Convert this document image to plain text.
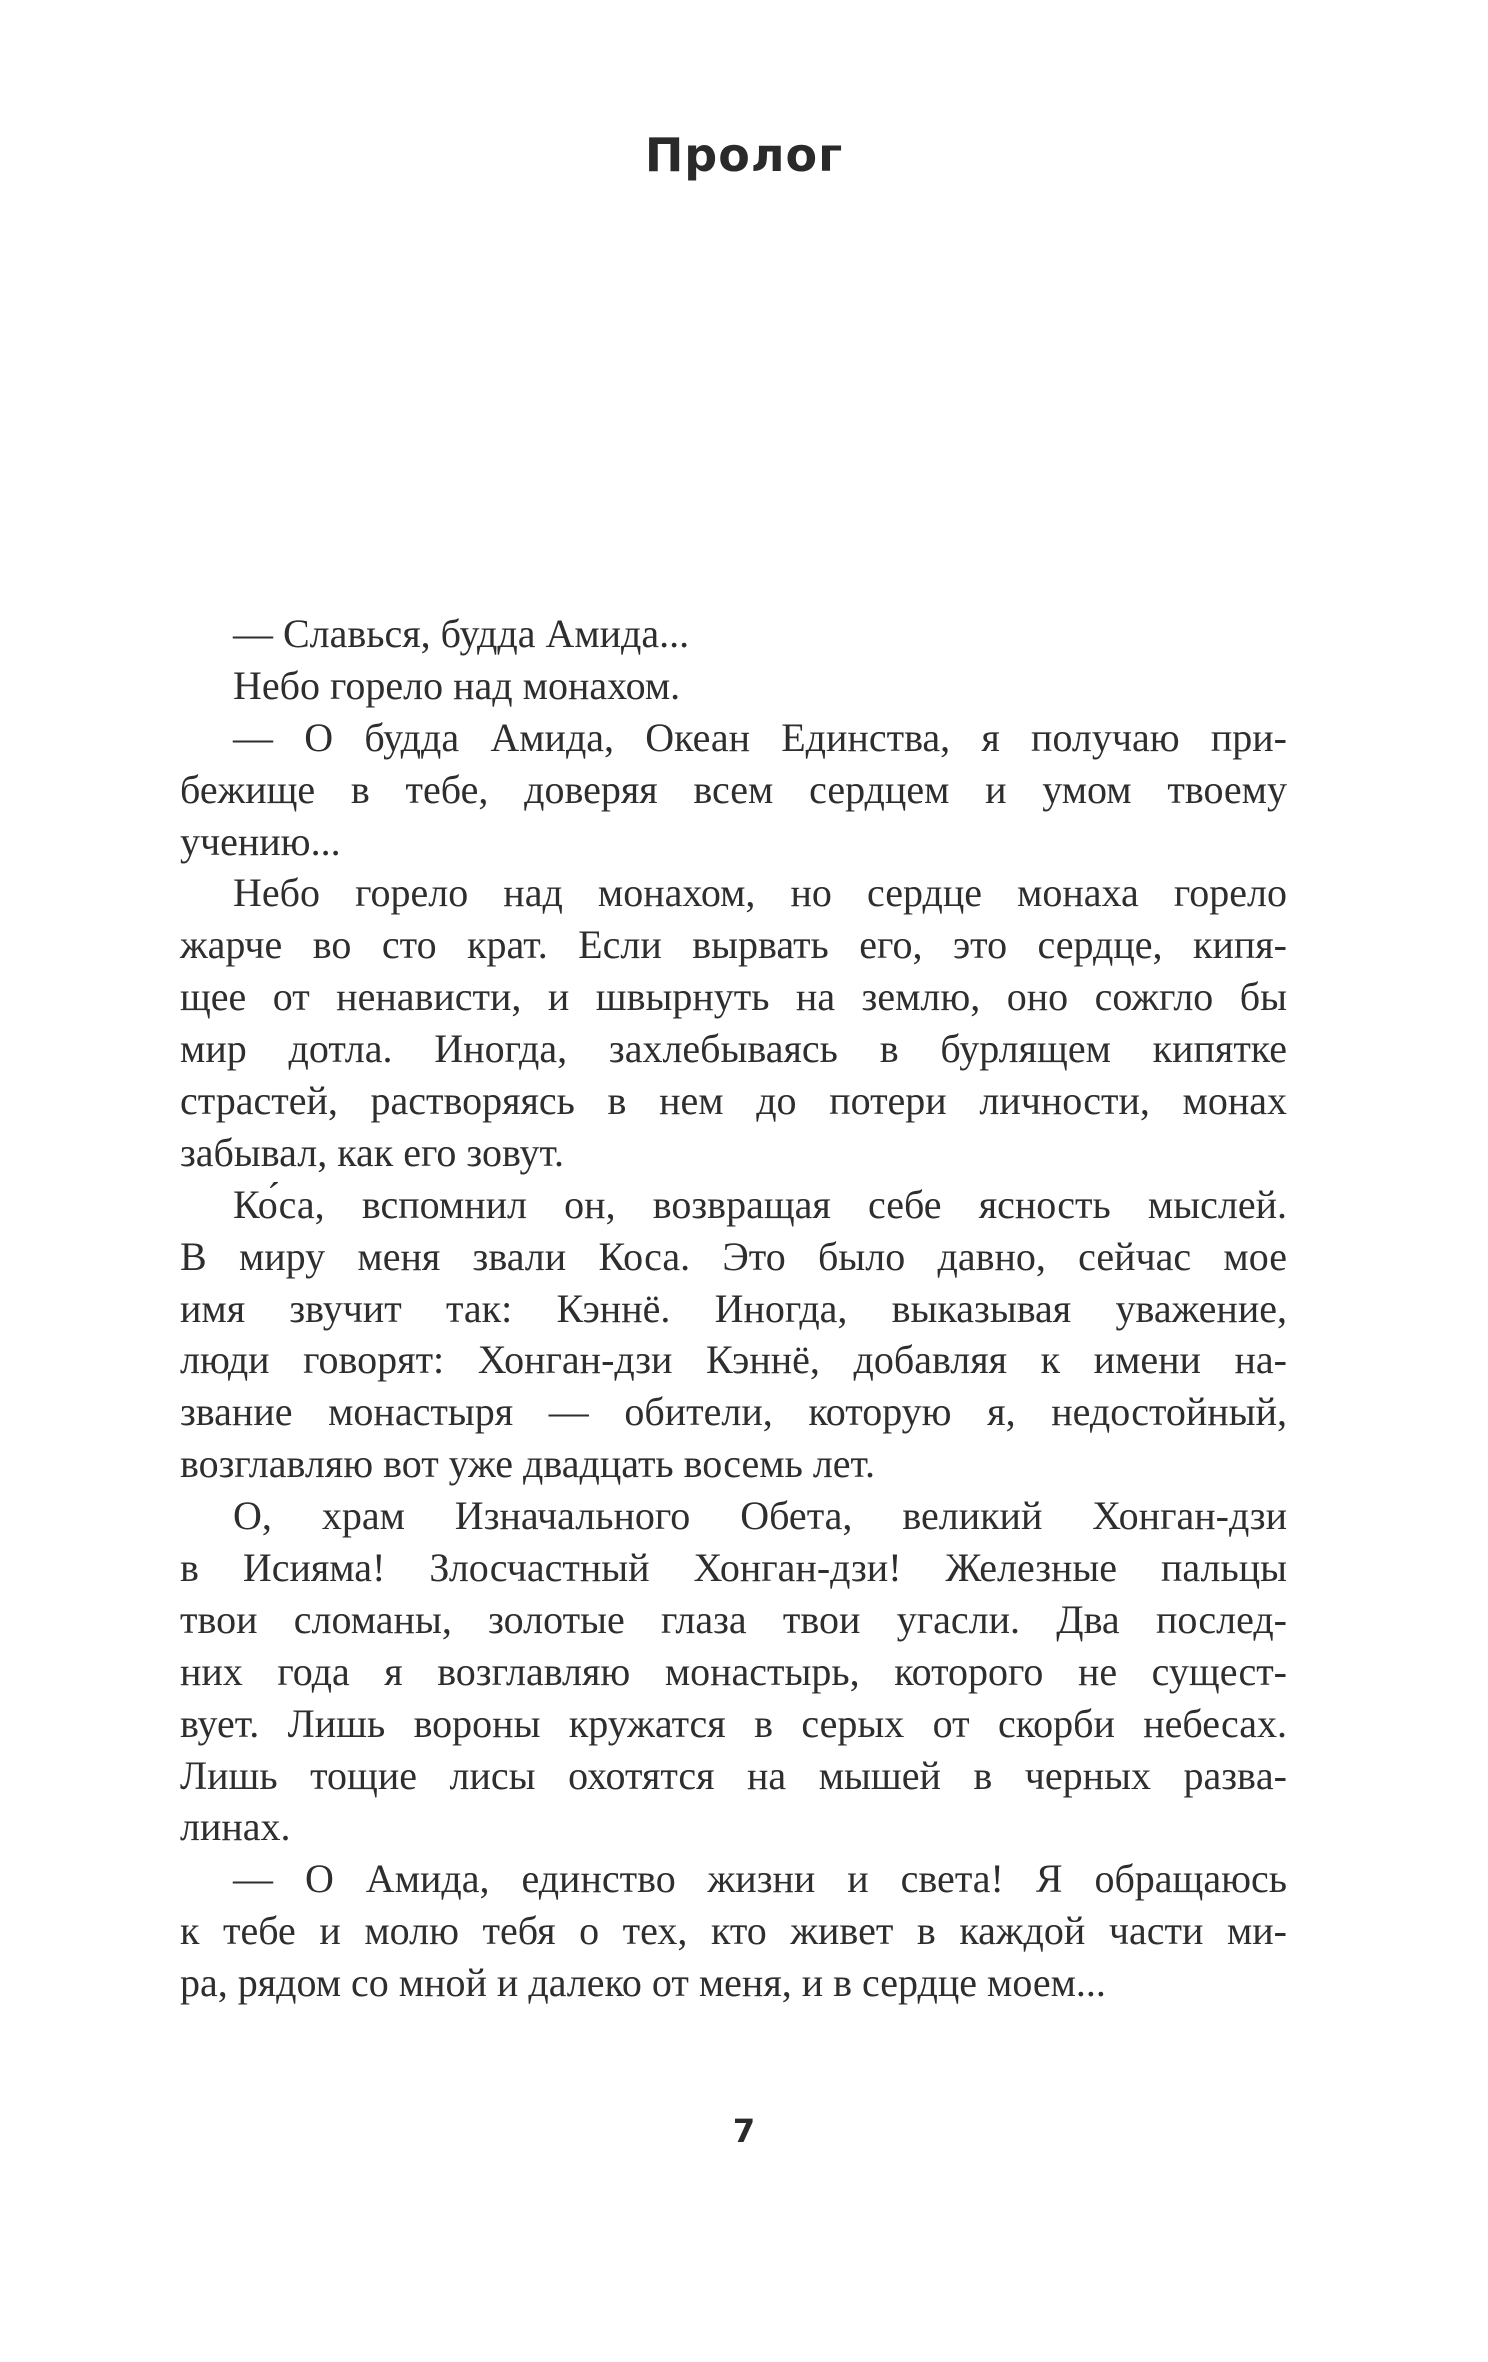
Пролог
— Славься, будда Амида...
Небо горело над монахом.
— О будда Амида, Океан Единства, я получаю при-
бежище в тебе, доверяя всем сердцем и умом твоему
учению...
Небо горело над монахом, но сердце монаха горело
жарче во сто крат. Если вырвать его, это сердце, кипя-
щее от ненависти, и швырнуть на землю, оно сожгло бы
мир дотла. Иногда, захлебываясь в бурлящем кипятке
страстей, растворяясь в нем до потери личности, монах
забывал, как его зовут.
Ко́са, вспомнил он, возвращая себе ясность мыслей.
В миру меня звали Коса. Это было давно, сейчас мое
имя звучит так: Кэннё. Иногда, выказывая уважение,
люди говорят: Хонган-дзи Кэннё, добавляя к имени на-
звание монастыря — обители, которую я, недостойный,
возглавляю вот уже двадцать восемь лет.
О, храм Изначального Обета, великий Хонган-дзи
в Исияма! Злосчастный Хонган-дзи! Железные пальцы
твои сломаны, золотые глаза твои угасли. Два послед-
них года я возглавляю монастырь, которого не сущест-
вует. Лишь вороны кружатся в серых от скорби небесах.
Лишь тощие лисы охотятся на мышей в черных развa-
линах.
— О Амида, единство жизни и света! Я обращаюсь
к тебе и молю тебя о тех, кто живет в каждой части ми-
ра, рядом со мной и далеко от меня, и в сердце моем...
7
